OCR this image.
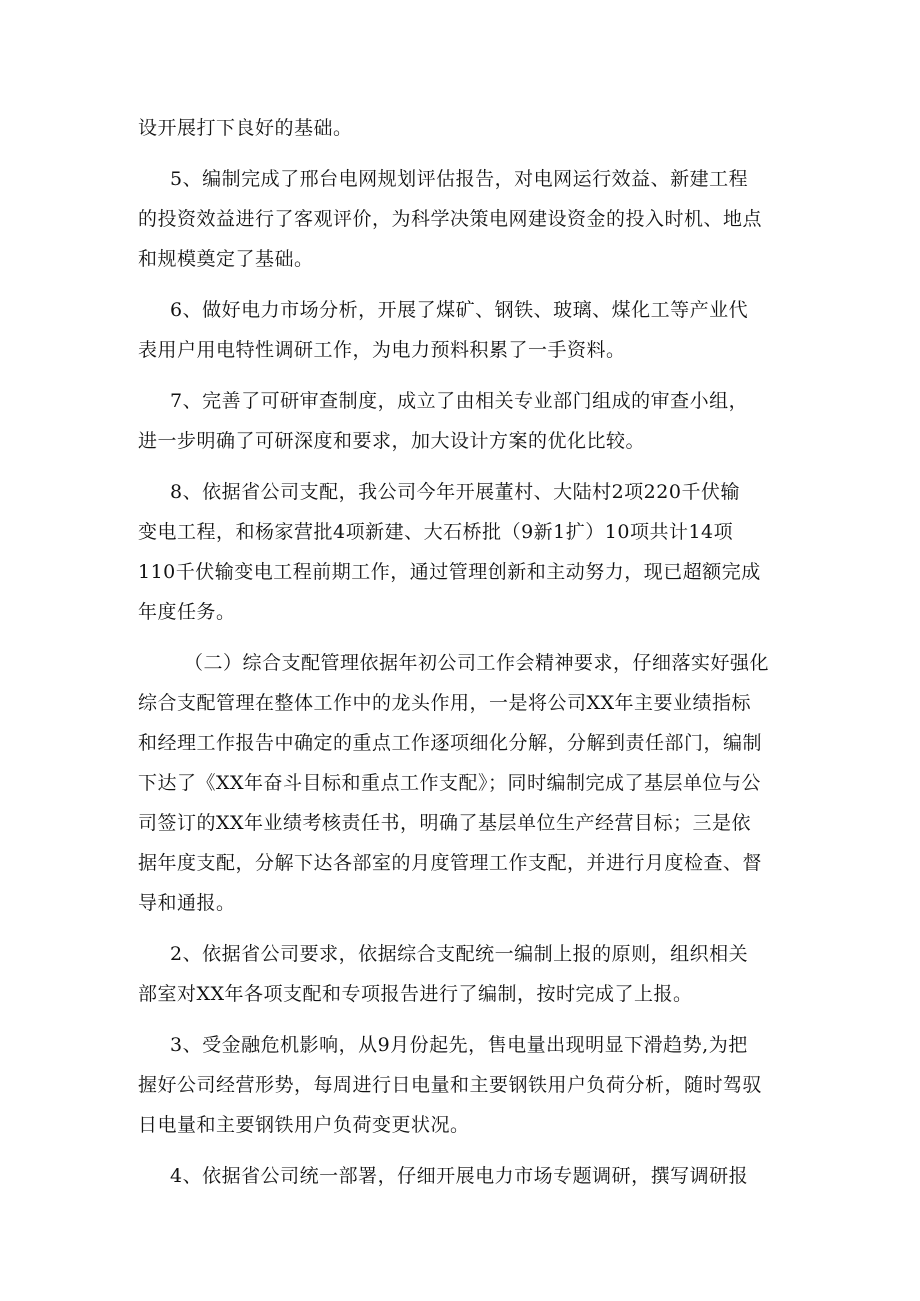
设开展打下良好的基础。

5、编制完成了邢台电网规划评估报告，对电网运行效益、新建工程
的投资效益进行了客观评价，为科学决策电网建设资金的投入时机、地点
和规模奠定了基础。

6、做好电力市场分析，开展了煤矿、钢铁、玻璃、煤化工等产业代
表用户用电特性调研工作，为电力预料积累了一手资料。

7、完善了可研审查制度，成立了由相关专业部门组成的审查小组，
进一步明确了可研深度和要求，加大设计方案的优化比较。

8、依据省公司支配，我公司今年开展董村、大陆村2项220千伏输
变电工程，和杨家营批4项新建、大石桥批（9新1扩）10项共计14项
110千伏输变电工程前期工作，通过管理创新和主动努力，现已超额完成
年度任务。

（二）综合支配管理依据年初公司工作会精神要求，仔细落实好强化
综合支配管理在整体工作中的龙头作用，一是将公司XX年主要业绩指标
和经理工作报告中确定的重点工作逐项细化分解，分解到责任部门，编制
下达了《XX年奋斗目标和重点工作支配》；同时编制完成了基层单位与公
司签订的XX年业绩考核责任书，明确了基层单位生产经营目标；三是依
据年度支配，分解下达各部室的月度管理工作支配，并进行月度检查、督
导和通报。

2、依据省公司要求，依据综合支配统一编制上报的原则，组织相关
部室对XX年各项支配和专项报告进行了编制，按时完成了上报。

3、受金融危机影响，从9月份起先，售电量出现明显下滑趋势,为把
握好公司经营形势，每周进行日电量和主要钢铁用户负荷分析，随时驾驭
日电量和主要钢铁用户负荷变更状况。

4、依据省公司统一部署，仔细开展电力市场专题调研，撰写调研报
